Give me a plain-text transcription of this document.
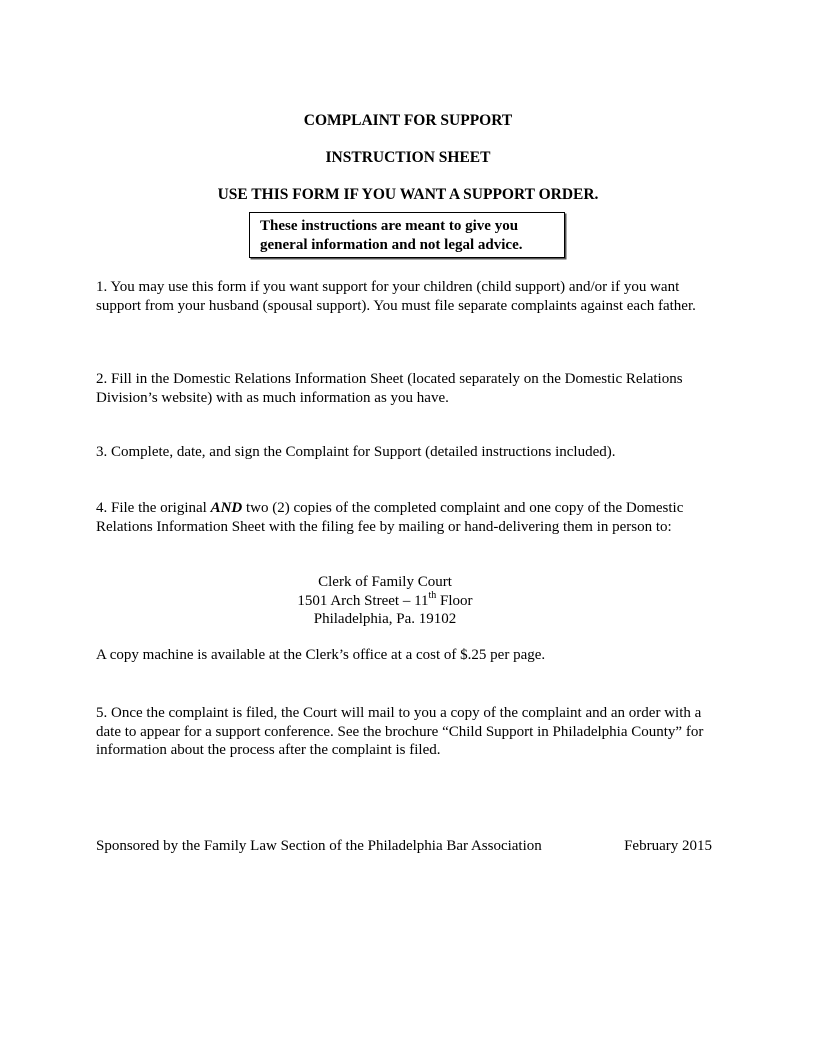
COMPLAINT FOR SUPPORT
INSTRUCTION SHEET
USE THIS FORM IF YOU WANT A SUPPORT ORDER.
These instructions are meant to give you
general information and not legal advice.

1. You may use this form if you want support for your children (child support) and/or if you want support from your husband (spousal support). You must file separate complaints against each father.

2. Fill in the Domestic Relations Information Sheet (located separately on the Domestic Relations Division’s website) with as much information as you have.

3. Complete, date, and sign the Complaint for Support (detailed instructions included).

4. File the original AND two (2) copies of the completed complaint and one copy of the Domestic Relations Information Sheet with the filing fee by mailing or hand-delivering them in person to:

Clerk of Family Court
1501 Arch Street – 11th Floor
Philadelphia, Pa. 19102

A copy machine is available at the Clerk’s office at a cost of $.25 per page.

5. Once the complaint is filed, the Court will mail to you a copy of the complaint and an order with a date to appear for a support conference. See the brochure “Child Support in Philadelphia County” for information about the process after the complaint is filed.

Sponsored by the Family Law Section of the Philadelphia Bar Association	February 2015
